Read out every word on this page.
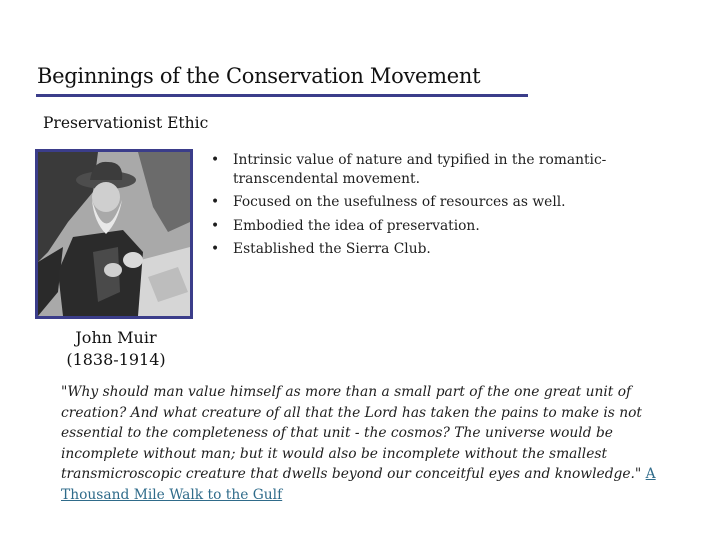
Beginnings of the Conservation Movement
Preservationist Ethic
John Muir
(1838-1914)
• Intrinsic value of nature and typified in the romantic-transcendental movement.
• Focused on the usefulness of resources as well.
• Embodied the idea of preservation.
• Established the Sierra Club.

"Why should man value himself as more than a small part of the one great unit of creation? And what creature of all that the Lord has taken the pains to make is not essential to the completeness of that unit - the cosmos? The universe would be incomplete without man; but it would also be incomplete without the smallest transmicroscopic creature that dwells beyond our conceitful eyes and knowledge." A Thousand Mile Walk to the Gulf
